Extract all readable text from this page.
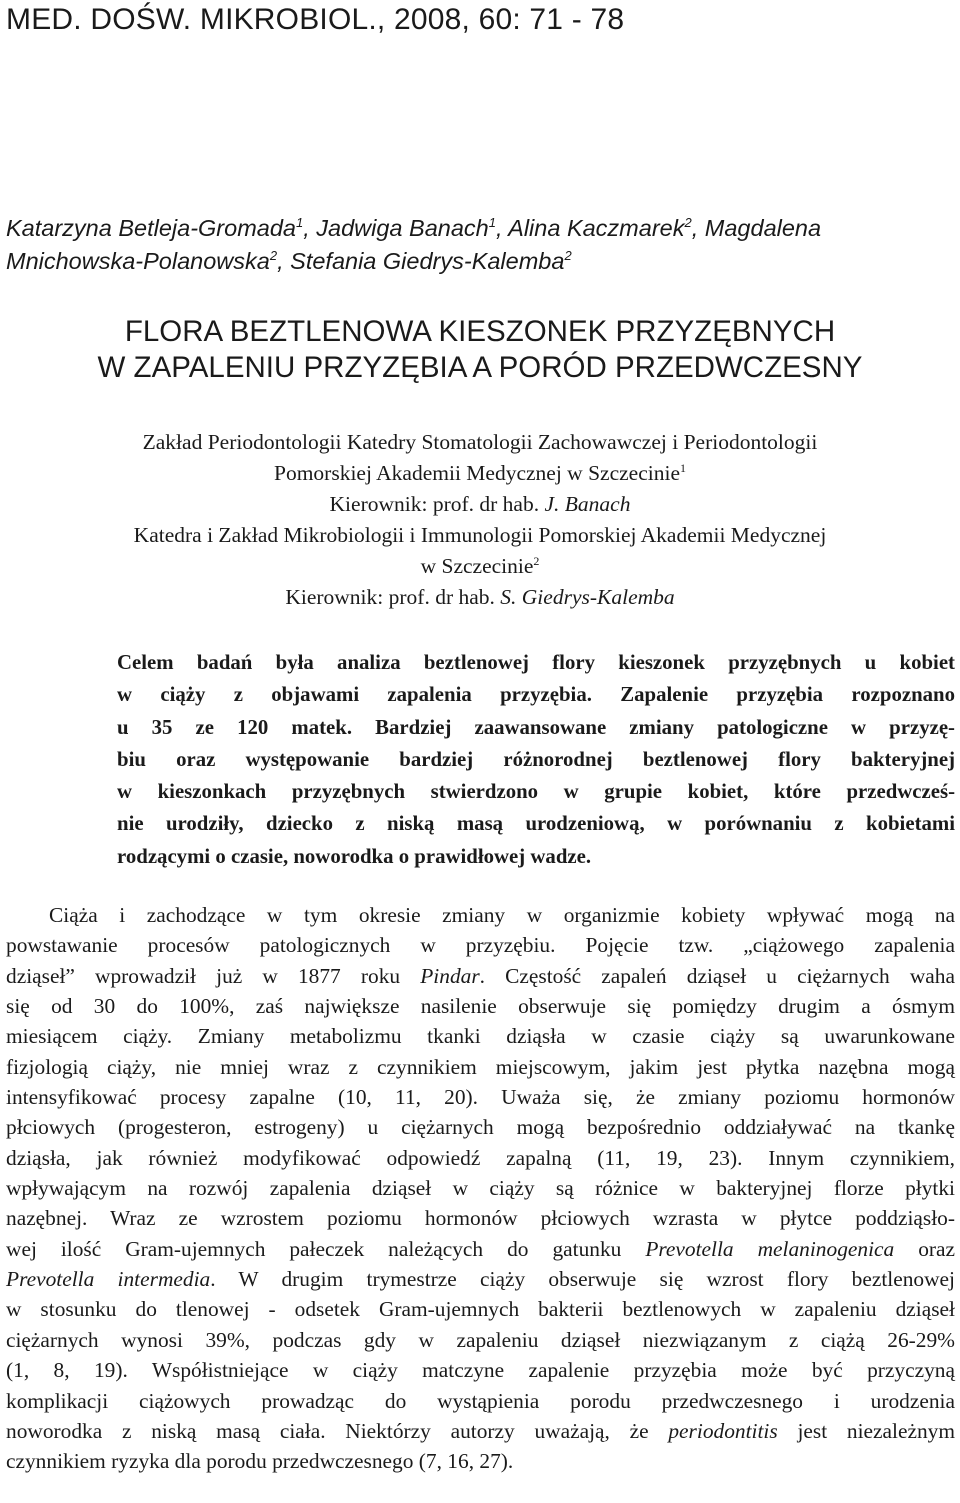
MED. DOŚW. MIKROBIOL., 2008, 60: 71 - 78

Katarzyna Betleja-Gromada$^1$, Jadwiga Banach$^1$, Alina Kaczmarek$^2$, Magdalena
Mnichowska-Polanowska$^2$, Stefania Giedrys-Kalemba$^2$

FLORA BEZTLENOWA KIESZONEK PRZYZĘBNYCH
W ZAPALENIU PRZYZĘBIA A PORÓD PRZEDWCZESNY
Zakład Periodontologii Katedry Stomatologii Zachowawczej i Periodontologii
Pomorskiej Akademii Medycznej w Szczecinie$^1$
Kierownik: prof. dr hab. J. Banach
Katedra i Zakład Mikrobiologii i Immunologii Pomorskiej Akademii Medycznej
w Szczecinie$^2$
Kierownik: prof. dr hab. S. Giedrys-Kalemba

Celem badań była analiza beztlenowej flory kieszonek przyzębnych u kobiet
w ciąży z objawami zapalenia przyzębia. Zapalenie przyzębia rozpoznano
u 35 ze 120 matek. Bardziej zaawansowane zmiany patologiczne w przyzę-
biu oraz występowanie bardziej różnorodnej beztlenowej flory bakteryjnej
w kieszonkach przyzębnych stwierdzono w grupie kobiet, które przedwcześ-
nie urodziły, dziecko z niską masą urodzeniową, w porównaniu z kobietami
rodzącymi o czasie, noworodka o prawidłowej wadze.

Ciąża i zachodzące w tym okresie zmiany w organizmie kobiety wpływać mogą na
powstawanie procesów patologicznych w przyzębiu. Pojęcie tzw. „ciążowego zapalenia
dziąseł” wprowadził już w 1877 roku Pindar. Częstość zapaleń dziąseł u ciężarnych waha
się od 30 do 100%, zaś największe nasilenie obserwuje się pomiędzy drugim a ósmym
miesiącem ciąży. Zmiany metabolizmu tkanki dziąsła w czasie ciąży są uwarunkowane
fizjologią ciąży, nie mniej wraz z czynnikiem miejscowym, jakim jest płytka nazębna mogą
intensyfikować procesy zapalne (10, 11, 20). Uważa się, że zmiany poziomu hormonów
płciowych (progesteron, estrogeny) u ciężarnych mogą bezpośrednio oddziaływać na tkankę
dziąsła, jak również modyfikować odpowiedź zapalną (11, 19, 23). Innym czynnikiem,
wpływającym na rozwój zapalenia dziąseł w ciąży są różnice w bakteryjnej florze płytki
nazębnej. Wraz ze wzrostem poziomu hormonów płciowych wzrasta w płytce poddziąsło-
wej ilość Gram-ujemnych pałeczek należących do gatunku Prevotella melaninogenica oraz
Prevotella intermedia. W drugim trymestrze ciąży obserwuje się wzrost flory beztlenowej
w stosunku do tlenowej - odsetek Gram-ujemnych bakterii beztlenowych w zapaleniu dziąseł
ciężarnych wynosi 39%, podczas gdy w zapaleniu dziąseł niezwiązanym z ciążą 26-29%
(1, 8, 19). Współistniejące w ciąży matczyne zapalenie przyzębia może być przyczyną
komplikacji ciążowych prowadząc do wystąpienia porodu przedwczesnego i urodzenia
noworodka z niską masą ciała. Niektórzy autorzy uważają, że periodontitis jest niezależnym
czynnikiem ryzyka dla porodu przedwczesnego (7, 16, 27).
